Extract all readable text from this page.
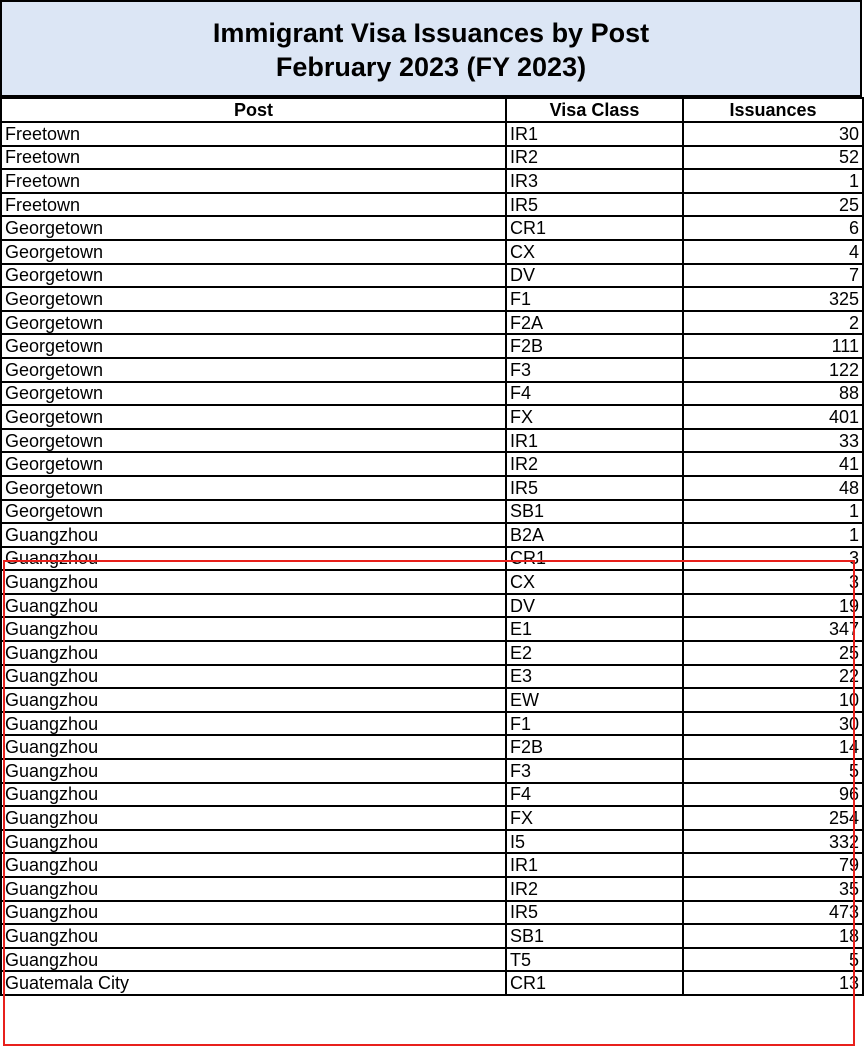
Immigrant Visa Issuances by Post
February 2023 (FY 2023)
Post	Visa Class	Issuances
Freetown	IR1	30
Freetown	IR2	52
Freetown	IR3	1
Freetown	IR5	25
Georgetown	CR1	6
Georgetown	CX	4
Georgetown	DV	7
Georgetown	F1	325
Georgetown	F2A	2
Georgetown	F2B	111
Georgetown	F3	122
Georgetown	F4	88
Georgetown	FX	401
Georgetown	IR1	33
Georgetown	IR2	41
Georgetown	IR5	48
Georgetown	SB1	1
Guangzhou	B2A	1
Guangzhou	CR1	3
Guangzhou	CX	3
Guangzhou	DV	19
Guangzhou	E1	347
Guangzhou	E2	25
Guangzhou	E3	22
Guangzhou	EW	10
Guangzhou	F1	30
Guangzhou	F2B	14
Guangzhou	F3	5
Guangzhou	F4	96
Guangzhou	FX	254
Guangzhou	I5	332
Guangzhou	IR1	79
Guangzhou	IR2	35
Guangzhou	IR5	473
Guangzhou	SB1	18
Guangzhou	T5	5
Guatemala City	CR1	13
